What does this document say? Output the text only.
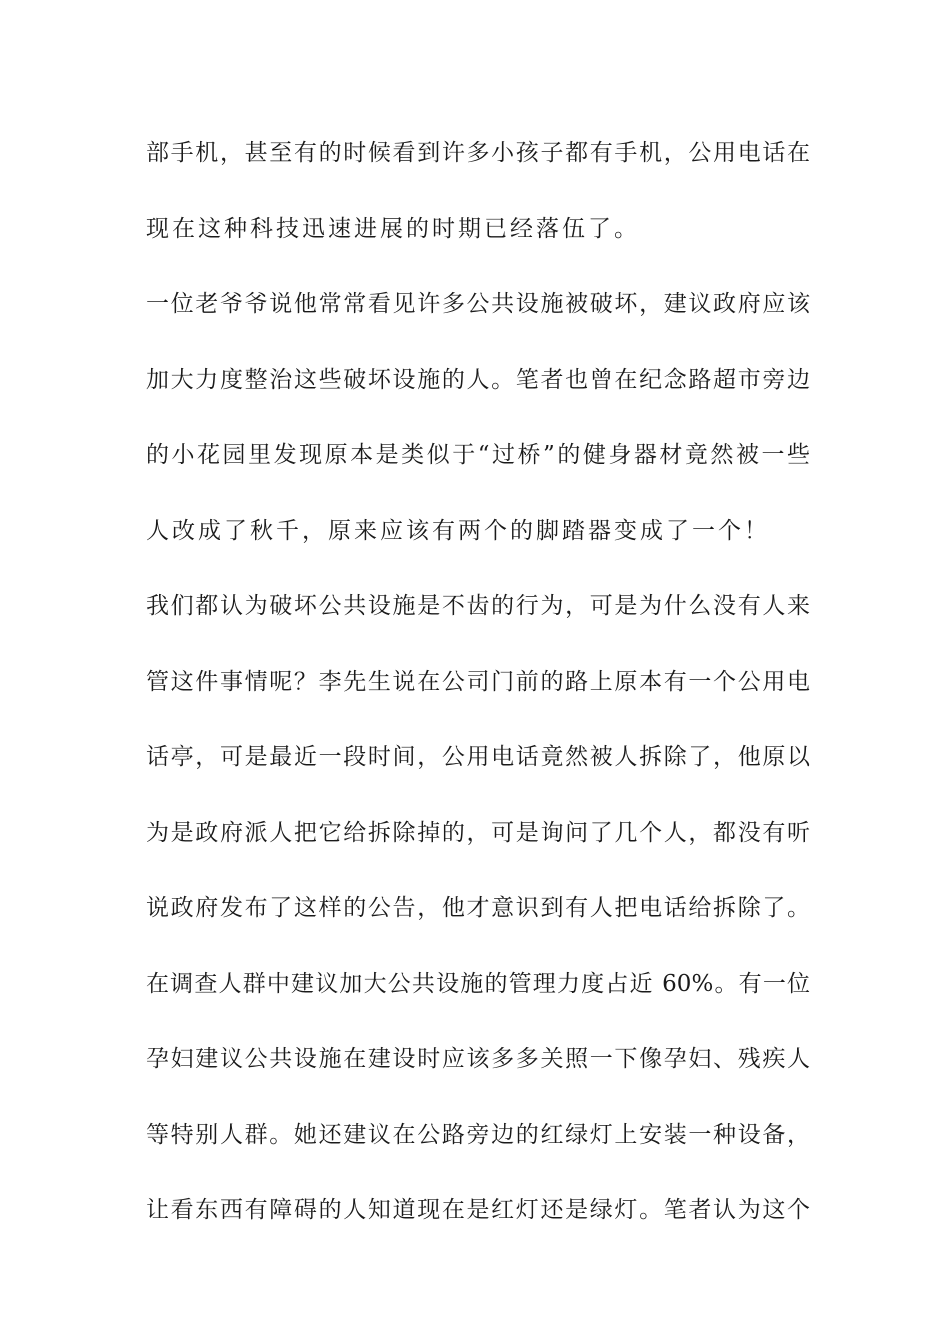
部手机，甚至有的时候看到许多小孩子都有手机，公用电话在
现在这种科技迅速进展的时期已经落伍了。
一位老爷爷说他常常看见许多公共设施被破坏，建议政府应该
加大力度整治这些破坏设施的人。笔者也曾在纪念路超市旁边
的小花园里发现原本是类似于“过桥”的健身器材竟然被一些
人改成了秋千，原来应该有两个的脚踏器变成了一个！
我们都认为破坏公共设施是不齿的行为，可是为什么没有人来
管这件事情呢？李先生说在公司门前的路上原本有一个公用电
话亭，可是最近一段时间，公用电话竟然被人拆除了，他原以
为是政府派人把它给拆除掉的，可是询问了几个人，都没有听
说政府发布了这样的公告，他才意识到有人把电话给拆除了。
在调查人群中建议加大公共设施的管理力度占近 60%。有一位
孕妇建议公共设施在建设时应该多多关照一下像孕妇、残疾人
等特别人群。她还建议在公路旁边的红绿灯上安装一种设备，
让看东西有障碍的人知道现在是红灯还是绿灯。笔者认为这个
